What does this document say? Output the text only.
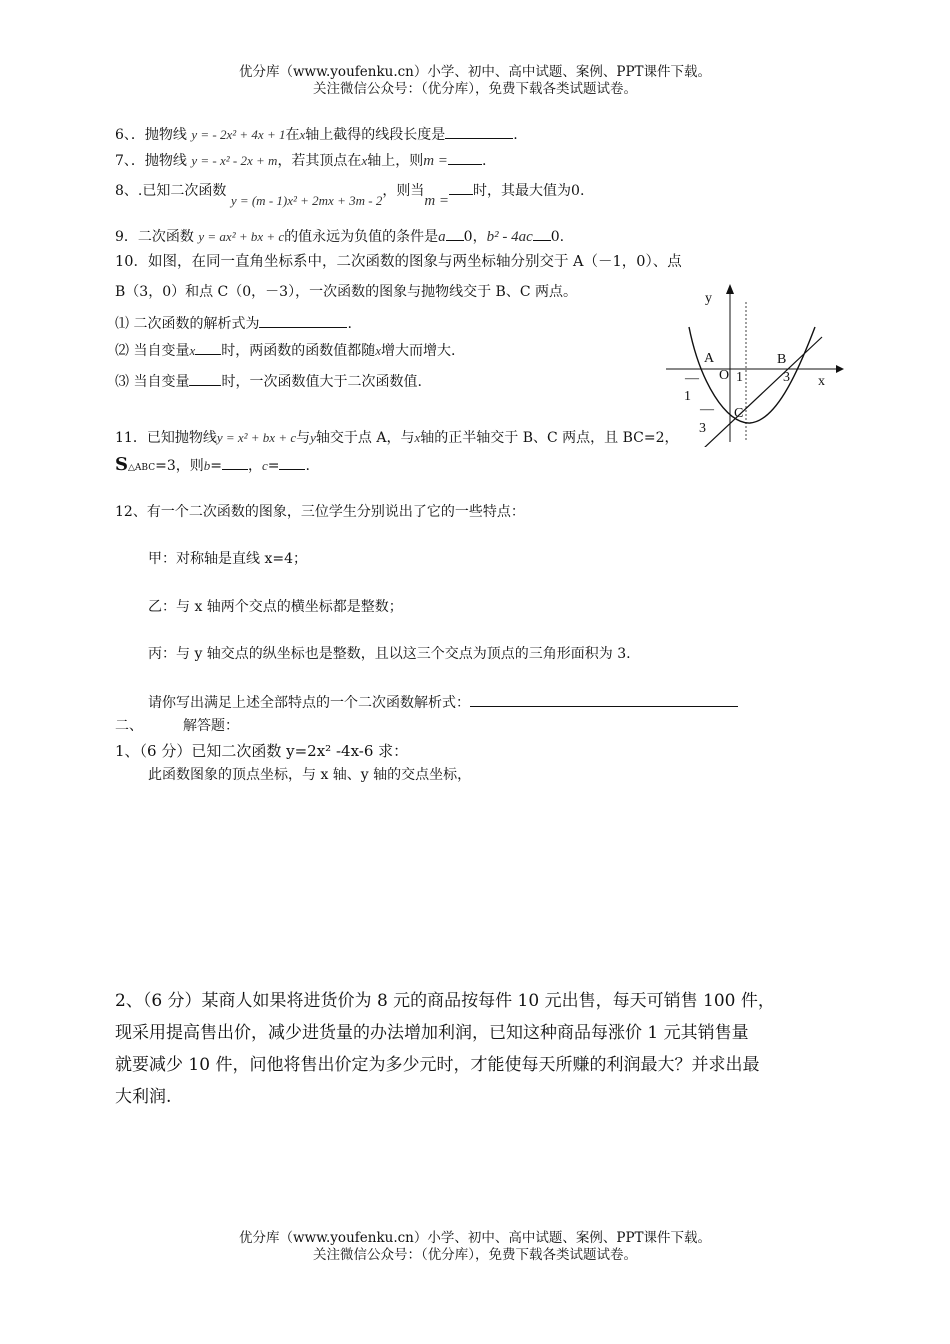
优分库（www.youfenku.cn）小学、初中、高中试题、案例、PPT课件下载。
关注微信公众号：（优分库），免费下载各类试题试卷。
6、．抛物线 y = - 2x² + 4x + 1在x轴上截得的线段长度是	.
7、．抛物线 y = - x² - 2x + m，若其顶点在x轴上，则m = .
8、.已知二次函数 y = (m - 1)x² + 2mx + 3m - 2，则当m =时，其最大值为0.
9．二次函数 y = ax² + bx + c的值永远为负值的条件是a 0，b² - 4ac 0.
10．如图，在同一直角坐标系中，二次函数的图象与两坐标轴分别交于 A（－1，0）、点
B（3，0）和点 C（0，－3），一次函数的图象与抛物线交于 B、C 两点。
⑴ 二次函数的解析式为	.
⑵ 当自变量x 时，两函数的函数值都随x增大而增大.
⑶ 当自变量 时，一次函数值大于二次函数值.
y
x
A	B
C
O 1	3
—
1
—
3
11．已知抛物线y = x² + bx + c与y轴交于点 A，与x轴的正半轴交于 B、C 两点，且 BC=2，
S△ABC=3，则b= ，c= .
12、有一个二次函数的图象，三位学生分别说出了它的一些特点：
甲：对称轴是直线 x=4；
乙：与 x 轴两个交点的横坐标都是整数；
丙：与 y 轴交点的纵坐标也是整数，且以这三个交点为顶点的三角形面积为 3.
请你写出满足上述全部特点的一个二次函数解析式：
二、	解答题：
1、（6 分）已知二次函数 y=2x² -4x-6 求：
此函数图象的顶点坐标，与 x 轴、y 轴的交点坐标，
2、（6 分）某商人如果将进货价为 8 元的商品按每件 10 元出售，每天可销售 100 件，
现采用提高售出价，减少进货量的办法增加利润，已知这种商品每涨价 1 元其销售量
就要减少 10 件，问他将售出价定为多少元时，才能使每天所赚的利润最大？并求出最
大利润.
优分库（www.youfenku.cn）小学、初中、高中试题、案例、PPT课件下载。
关注微信公众号：（优分库），免费下载各类试题试卷。
